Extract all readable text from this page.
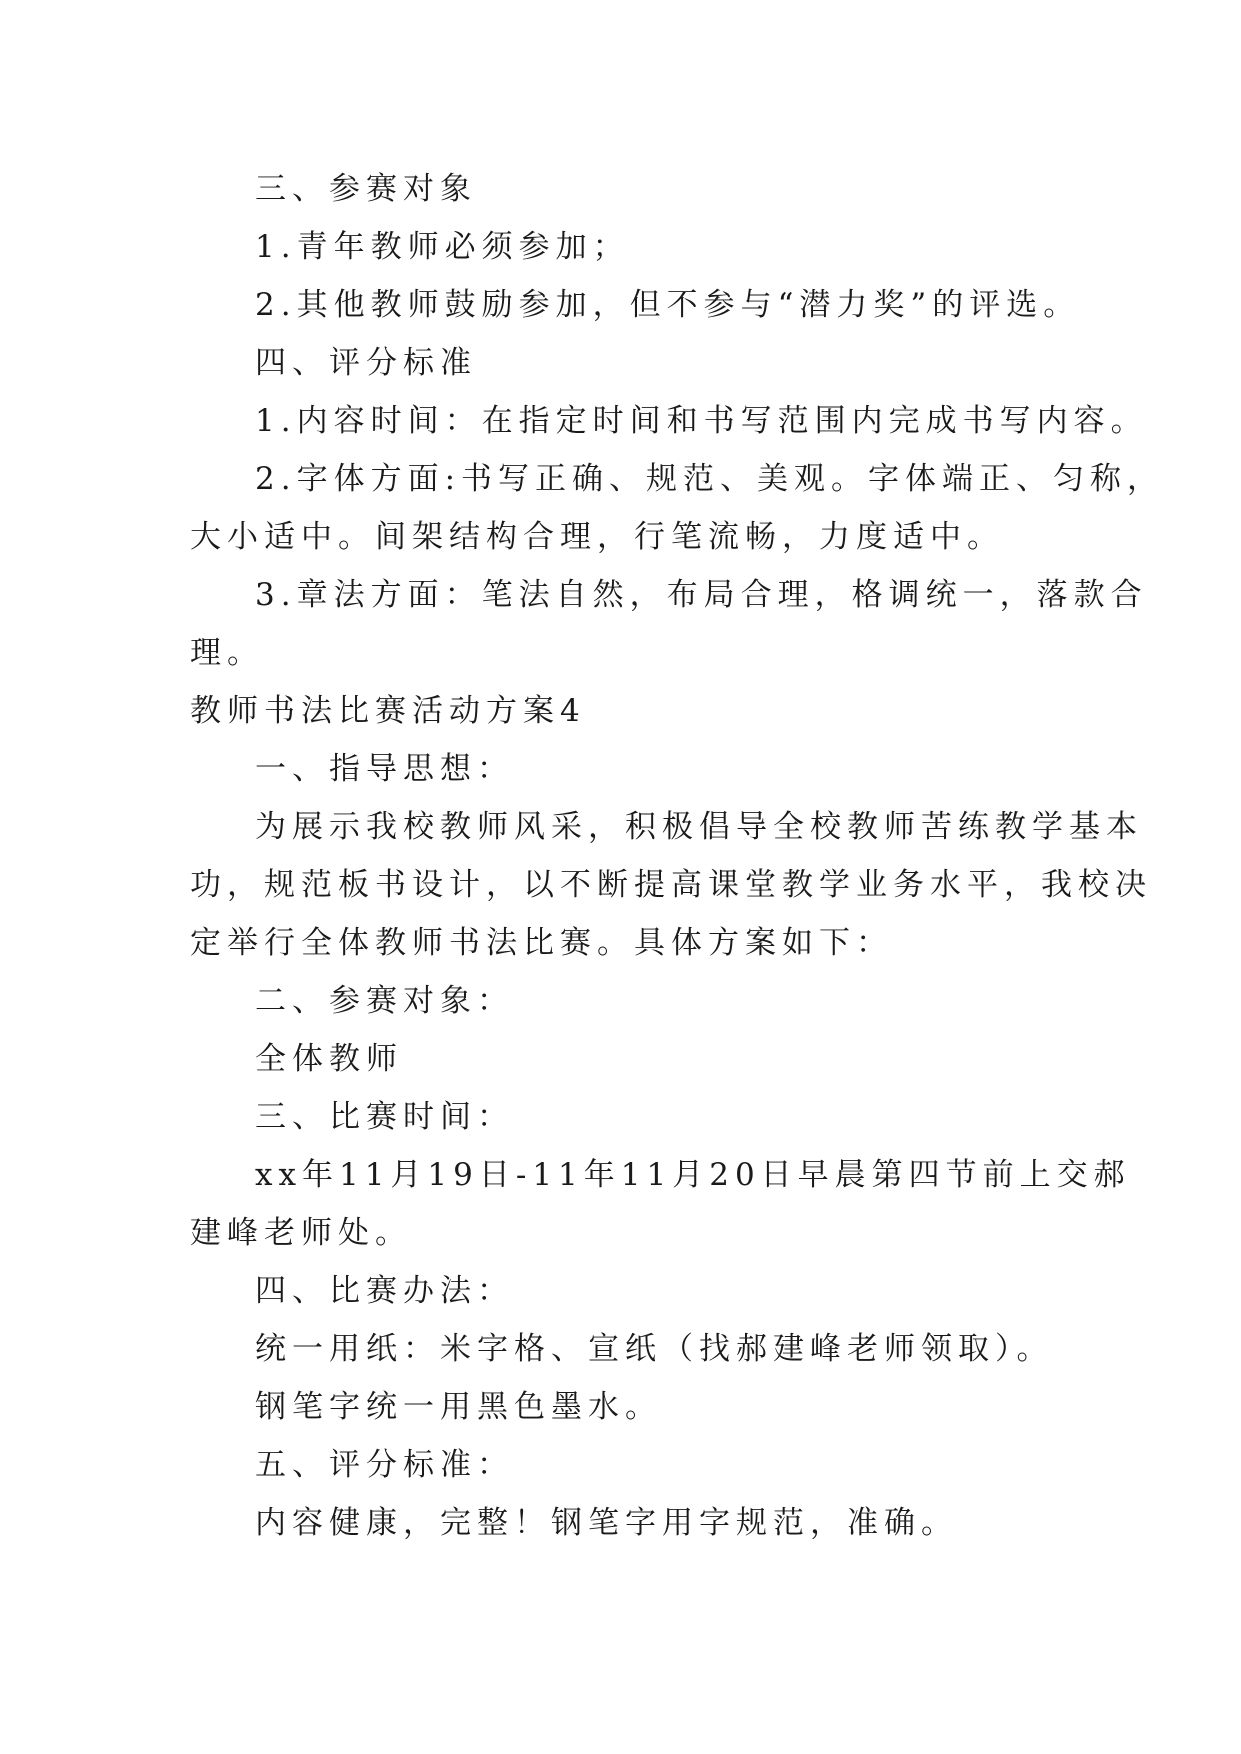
三、参赛对象
1.青年教师必须参加；
2.其他教师鼓励参加，但不参与“潜力奖”的评选。
四、评分标准
1.内容时间：在指定时间和书写范围内完成书写内容。
2.字体方面:书写正确、规范、美观。字体端正、匀称，
大小适中。间架结构合理，行笔流畅，力度适中。
3.章法方面：笔法自然，布局合理，格调统一，落款合
理。
教师书法比赛活动方案4
一、指导思想：
为展示我校教师风采，积极倡导全校教师苦练教学基本
功，规范板书设计，以不断提高课堂教学业务水平，我校决
定举行全体教师书法比赛。具体方案如下：
二、参赛对象：
全体教师
三、比赛时间：
xx年11月19日-11年11月20日早晨第四节前上交郝
建峰老师处。
四、比赛办法：
统一用纸：米字格、宣纸（找郝建峰老师领取）。
钢笔字统一用黑色墨水。
五、评分标准：
内容健康，完整！钢笔字用字规范，准确。
